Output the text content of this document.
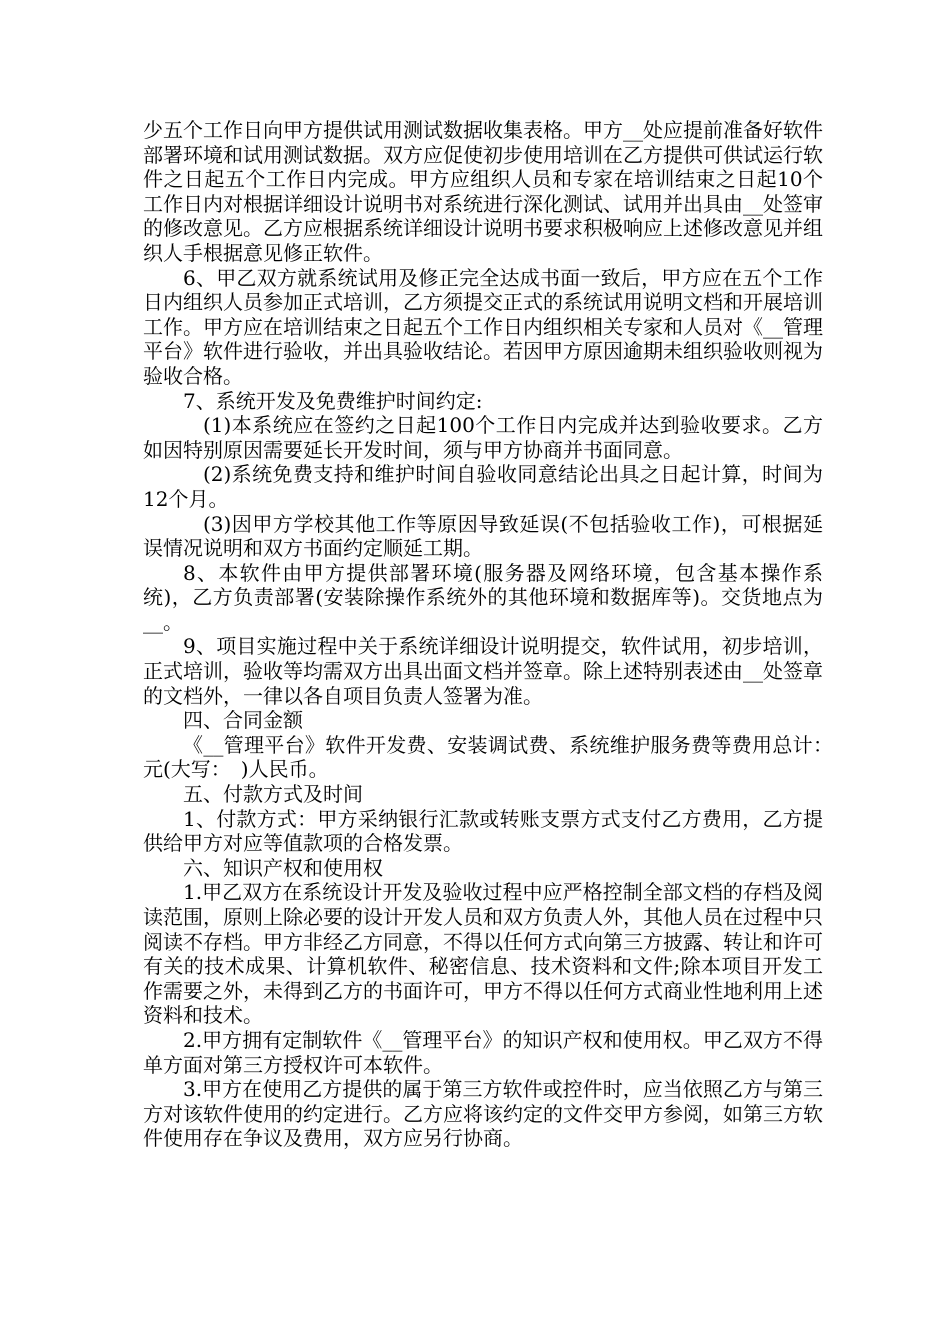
少五个工作日向甲方提供试用测试数据收集表格。甲方__处应提前准备好软件部署环境和试用测试数据。双方应促使初步使用培训在乙方提供可供试运行软件之日起五个工作日内完成。甲方应组织人员和专家在培训结束之日起10个工作日内对根据详细设计说明书对系统进行深化测试、试用并出具由__处签审的修改意见。乙方应根据系统详细设计说明书要求积极响应上述修改意见并组织人手根据意见修正软件。

6、甲乙双方就系统试用及修正完全达成书面一致后，甲方应在五个工作日内组织人员参加正式培训，乙方须提交正式的系统试用说明文档和开展培训工作。甲方应在培训结束之日起五个工作日内组织相关专家和人员对《__管理平台》软件进行验收，并出具验收结论。若因甲方原因逾期未组织验收则视为验收合格。

7、系统开发及免费维护时间约定:

(1)本系统应在签约之日起100个工作日内完成并达到验收要求。乙方如因特别原因需要延长开发时间，须与甲方协商并书面同意。

(2)系统免费支持和维护时间自验收同意结论出具之日起计算，时间为12个月。

(3)因甲方学校其他工作等原因导致延误(不包括验收工作)，可根据延误情况说明和双方书面约定顺延工期。

8、本软件由甲方提供部署环境(服务器及网络环境，包含基本操作系统)，乙方负责部署(安装除操作系统外的其他环境和数据库等)。交货地点为__。

9、项目实施过程中关于系统详细设计说明提交，软件试用，初步培训，正式培训，验收等均需双方出具出面文档并签章。除上述特别表述由__处签章的文档外，一律以各自项目负责人签署为准。

四、合同金额

《__管理平台》软件开发费、安装调试费、系统维护服务费等费用总计：　元(大写：　)人民币。

五、付款方式及时间

1、付款方式：甲方采纳银行汇款或转账支票方式支付乙方费用，乙方提供给甲方对应等值款项的合格发票。

六、知识产权和使用权

1.甲乙双方在系统设计开发及验收过程中应严格控制全部文档的存档及阅读范围，原则上除必要的设计开发人员和双方负责人外，其他人员在过程中只阅读不存档。甲方非经乙方同意，不得以任何方式向第三方披露、转让和许可有关的技术成果、计算机软件、秘密信息、技术资料和文件;除本项目开发工作需要之外，未得到乙方的书面许可，甲方不得以任何方式商业性地利用上述资料和技术。

2.甲方拥有定制软件《__管理平台》的知识产权和使用权。甲乙双方不得单方面对第三方授权许可本软件。

3.甲方在使用乙方提供的属于第三方软件或控件时，应当依照乙方与第三方对该软件使用的约定进行。乙方应将该约定的文件交甲方参阅，如第三方软件使用存在争议及费用，双方应另行协商。
